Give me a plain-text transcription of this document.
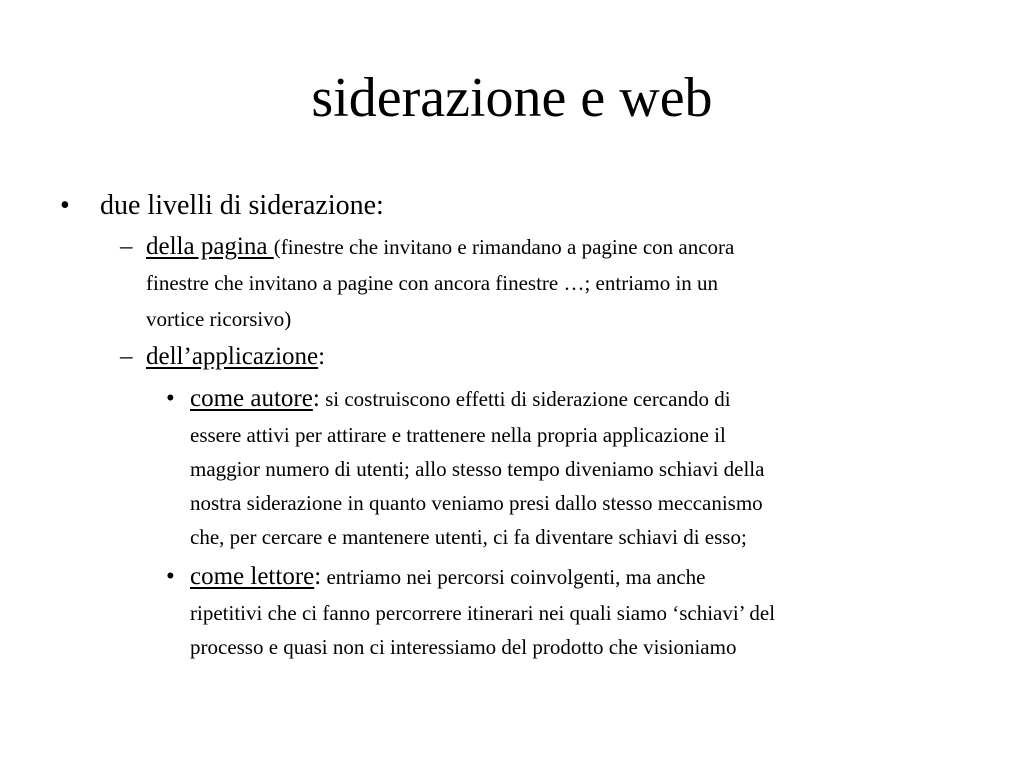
siderazione e web
• due livelli di siderazione:
– della pagina (finestre che invitano e rimandano a pagine con ancora
finestre che invitano a pagine con ancora finestre …; entriamo in un
vortice ricorsivo)
– dell’applicazione:
• come autore: si costruiscono effetti di siderazione cercando di
essere attivi per attirare e trattenere nella propria applicazione il
maggior numero di utenti; allo stesso tempo diveniamo schiavi della
nostra siderazione in quanto veniamo presi dallo stesso meccanismo
che, per cercare e mantenere utenti, ci fa diventare schiavi di esso;
• come lettore: entriamo nei percorsi coinvolgenti, ma anche
ripetitivi che ci fanno percorrere itinerari nei quali siamo ‘schiavi’ del
processo e quasi non ci interessiamo del prodotto che visioniamo
